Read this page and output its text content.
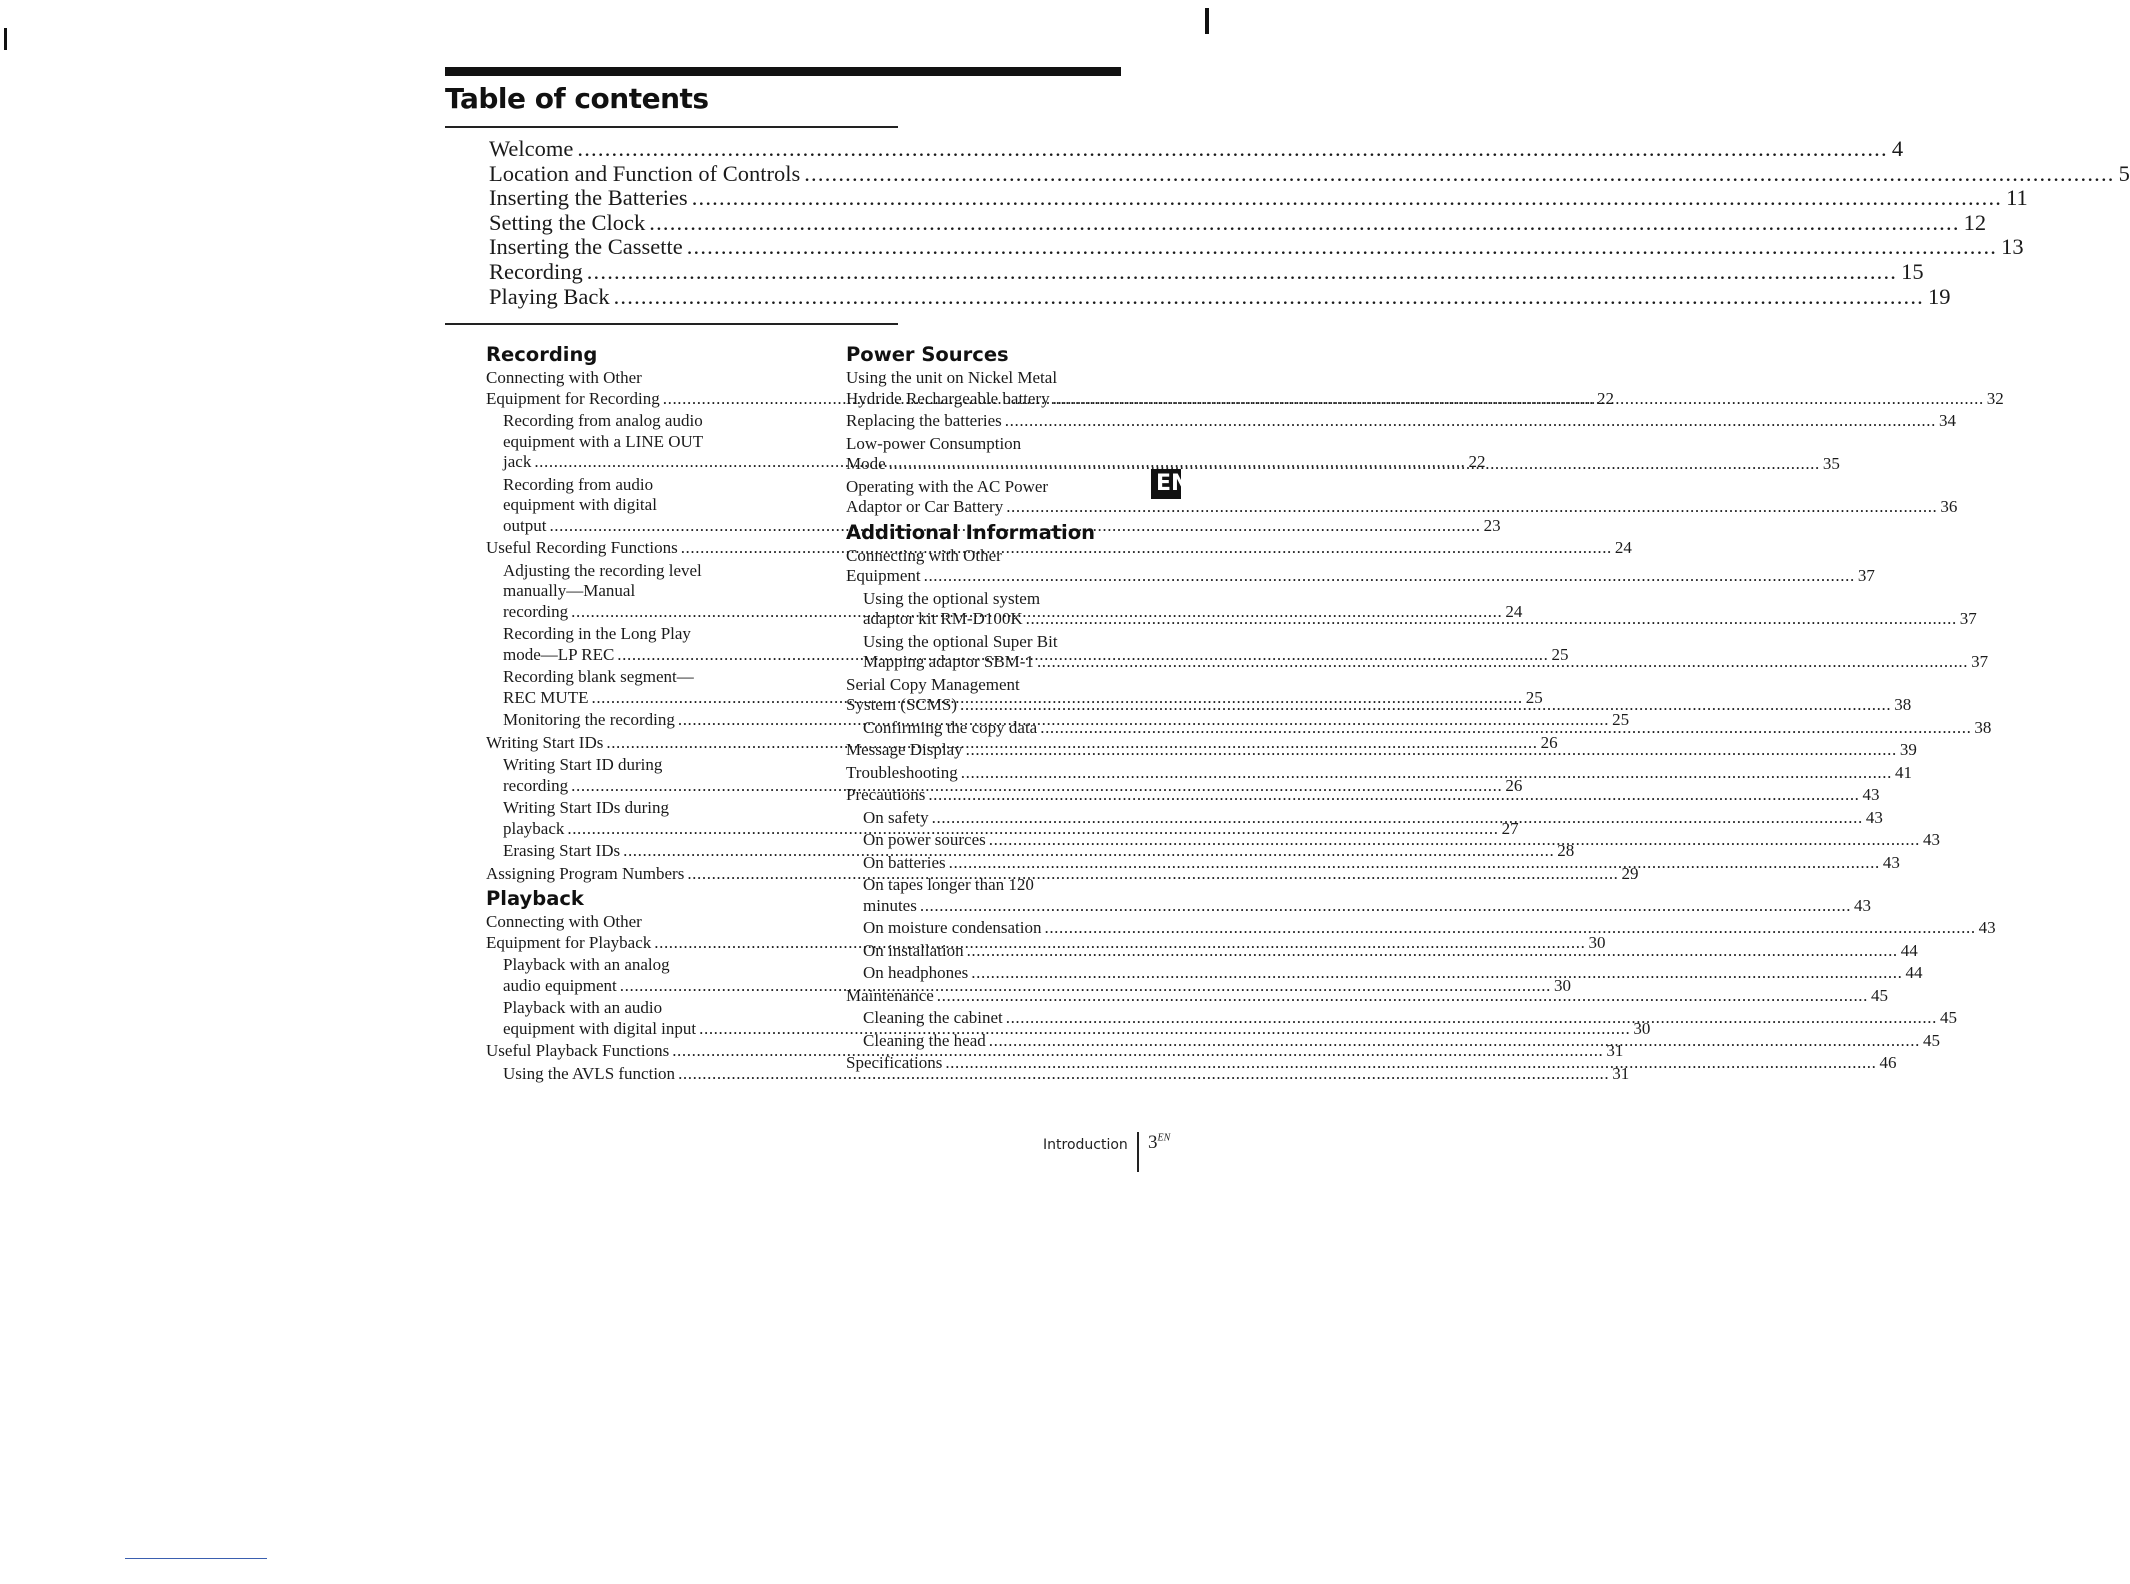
Table of contents
Welcome .....	4
Location and Function of Controls .....	5
Inserting the Batteries .....	11
Setting the Clock .....	12
Inserting the Cassette .....	13
Recording .....	15
Playing Back .....	19
Recording
Connecting with Other
Equipment for Recording .....	22
Recording from analog audio
equipment with a LINE OUT
jack .....	22
Recording from audio
equipment with digital
output .....	23
Useful Recording Functions .....	24
Adjusting the recording level
manually—Manual
recording .....	24
Recording in the Long Play
mode—LP REC .....	25
Recording blank segment—
REC MUTE .....	25
Monitoring the recording .....	25
Writing Start IDs .....	26
Writing Start ID during
recording .....	26
Writing Start IDs during
playback .....	27
Erasing Start IDs .....	28
Assigning Program Numbers .....	29
Playback
Connecting with Other
Equipment for Playback .....	30
Playback with an analog
audio equipment .....	30
Playback with an audio
equipment with digital input .....	30
Useful Playback Functions .....	31
Using the AVLS function .....	31
Power Sources
Using the unit on Nickel Metal
Hydride Rechargeable battery .....	32
Replacing the batteries .....	34
Low-power Consumption
Mode .....	35
Operating with the AC Power
Adaptor or Car Battery .....	36
Additional Information
Connecting with Other
Equipment .....	37
Using the optional system
adaptor kit RM-D100K .....	37
Using the optional Super Bit
Mapping adaptor SBM-1 .....	37
Serial Copy Management
System (SCMS) .....	38
Confirming the copy data .....	38
Message Display .....	39
Troubleshooting .....	41
Precautions .....	43
On safety .....	43
On power sources .....	43
On batteries .....	43
On tapes longer than 120
minutes .....	43
On moisture condensation .....	43
On installation .....	44
On headphones .....	44
Maintenance .....	45
Cleaning the cabinet .....	45
Cleaning the head .....	45
Specifications .....	46
EN
Introduction $3^{EN}$
